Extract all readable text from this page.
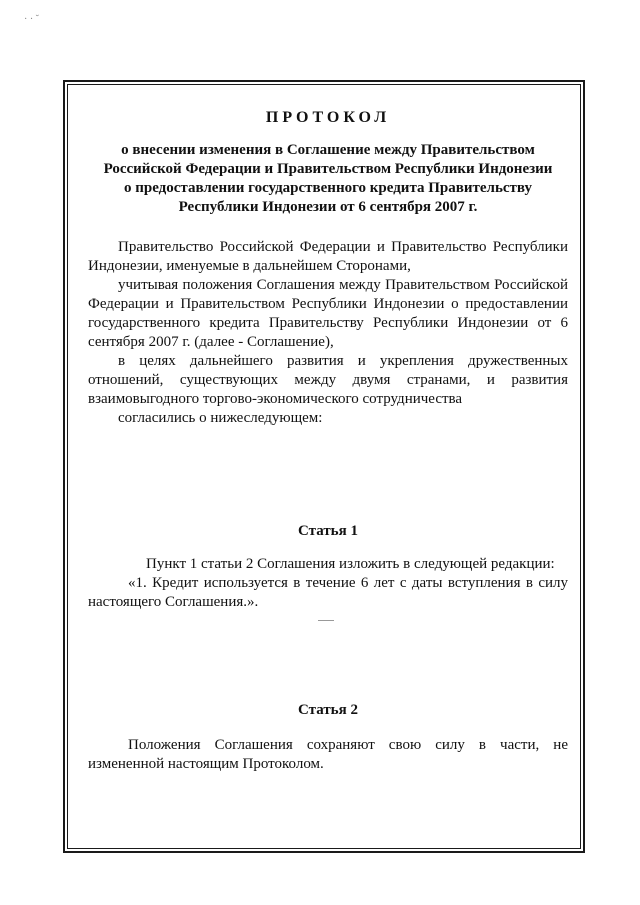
· · ˘
ПРОТОКОЛ
о внесении изменения в Соглашение между Правительством
Российской Федерации и Правительством Республики Индонезии
о предоставлении государственного кредита Правительству
Республики Индонезии от 6 сентября 2007 г.

Правительство Российской Федерации и Правительство Республики Индонезии, именуемые в дальнейшем Сторонами,

учитывая положения Соглашения между Правительством Российской Федерации и Правительством Республики Индонезии о предоставлении государственного кредита Правительству Республики Индонезии от 6 сентября 2007 г. (далее - Соглашение),

в целях дальнейшего развития и укрепления дружественных отношений, существующих между двумя странами, и развития взаимовыгодного торгово-экономического сотрудничества

согласились о нижеследующем:

Статья 1

Пункт 1 статьи 2 Соглашения изложить в следующей редакции:

«1. Кредит используется в течение 6 лет с даты вступления в силу настоящего Соглашения.».

Статья 2

Положения Соглашения сохраняют свою силу в части, не измененной настоящим Протоколом.
